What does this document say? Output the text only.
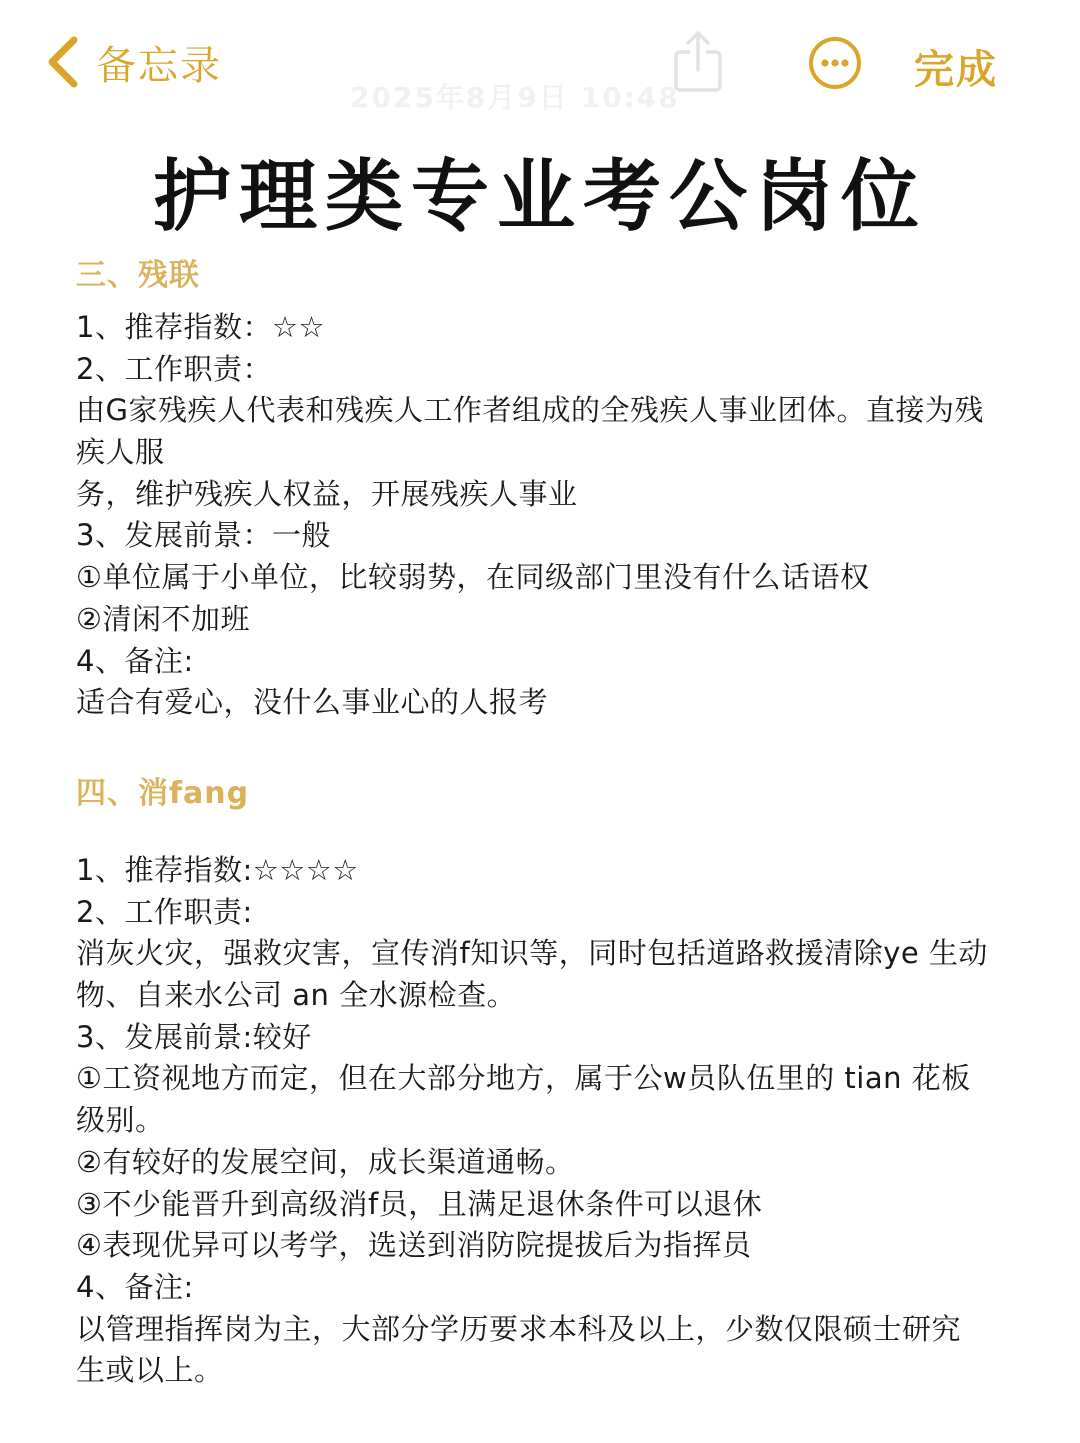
备忘录
2025年8月9日 10:48
完成
护理类专业考公岗位
三、残联
1、推荐指数：☆☆
2、工作职责：
由G家残疾人代表和残疾人工作者组成的全残疾人事业团体。直接为残
疾人服
务，维护残疾人权益，开展残疾人事业
3、发展前景：一般
①单位属于小单位，比较弱势，在同级部门里没有什么话语权
②清闲不加班
4、备注:
适合有爱心，没什么事业心的人报考
四、消fang
1、推荐指数:☆☆☆☆
2、工作职责:
消灰火灾，强救灾害，宣传消f知识等，同时包括道路救援清除ye 生动
物、自来水公司 an 全水源检查。
3、发展前景:较好
①工资视地方而定，但在大部分地方，属于公w员队伍里的 tian 花板
级别。
②有较好的发展空间，成长渠道通畅。
③不少能晋升到高级消f员，且满足退休条件可以退休
④表现优异可以考学，选送到消防院提拔后为指挥员
4、备注:
以管理指挥岗为主，大部分学历要求本科及以上，少数仅限硕士研究
生或以上。
